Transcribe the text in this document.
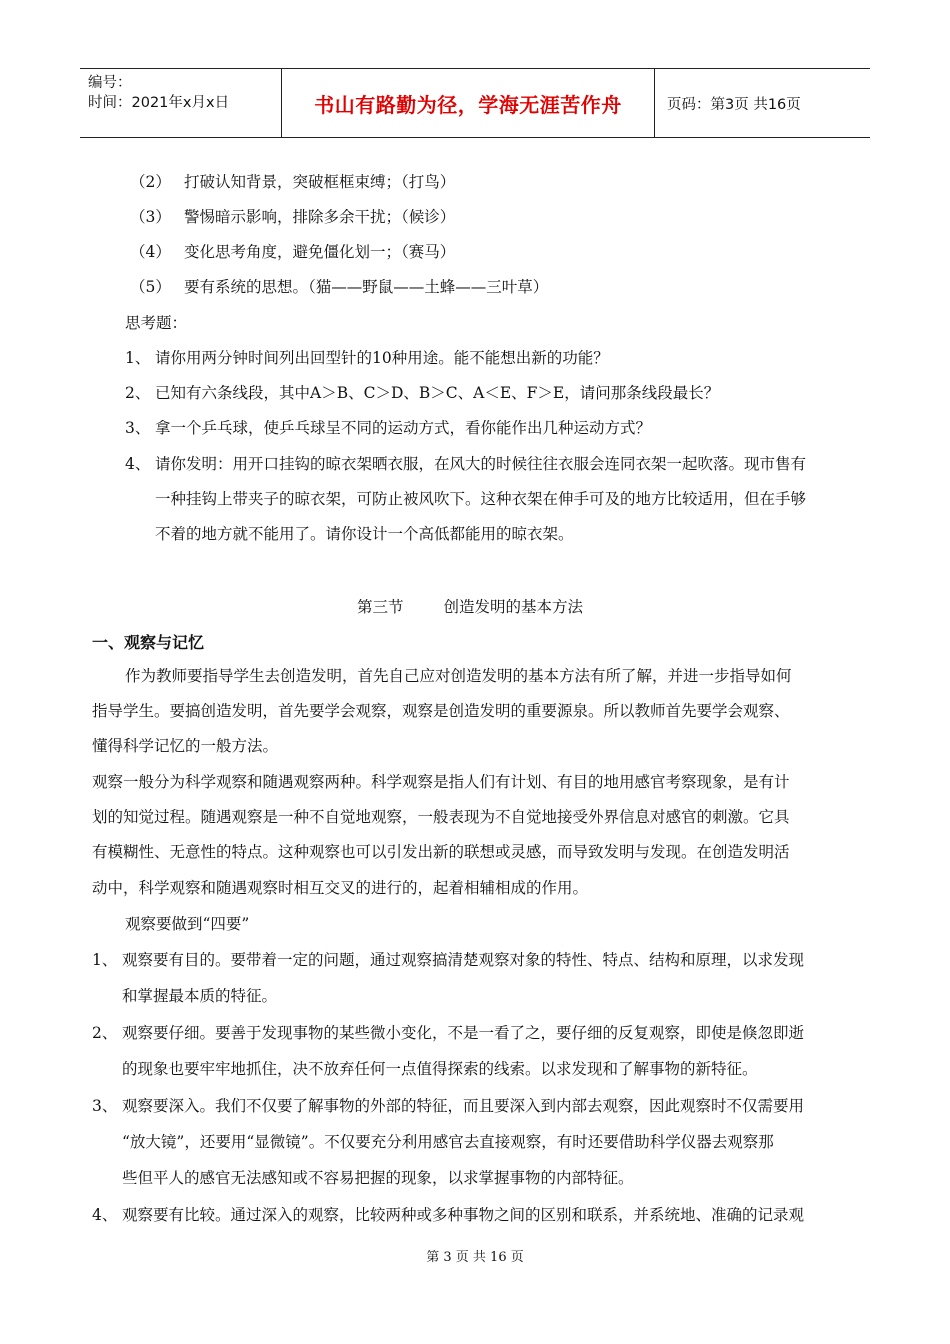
编号：
时间：2021年x月x日	书山有路勤为径，学海无涯苦作舟	页码：第3页 共16页
（2） 打破认知背景，突破框框束缚；（打鸟）
（3） 警惕暗示影响，排除多余干扰；（候诊）
（4） 变化思考角度，避免僵化划一；（赛马）
（5） 要有系统的思想。（猫——野鼠——土蜂——三叶草）
思考题：
1、 请你用两分钟时间列出回型针的10种用途。能不能想出新的功能？
2、 已知有六条线段，其中A＞B、C＞D、B＞C、A＜E、F＞E，请问那条线段最长？
3、 拿一个乒乓球，使乒乓球呈不同的运动方式，看你能作出几种运动方式？
4、 请你发明：用开口挂钩的晾衣架晒衣服，在风大的时候往往衣服会连同衣架一起吹落。现市售有
一种挂钩上带夹子的晾衣架，可防止被风吹下。这种衣架在伸手可及的地方比较适用，但在手够
不着的地方就不能用了。请你设计一个高低都能用的晾衣架。
第三节	创造发明的基本方法
一、观察与记忆
作为教师要指导学生去创造发明，首先自己应对创造发明的基本方法有所了解，并进一步指导如何
指导学生。要搞创造发明，首先要学会观察，观察是创造发明的重要源泉。所以教师首先要学会观察、
懂得科学记忆的一般方法。
观察一般分为科学观察和随遇观察两种。科学观察是指人们有计划、有目的地用感官考察现象，是有计
划的知觉过程。随遇观察是一种不自觉地观察，一般表现为不自觉地接受外界信息对感官的刺激。它具
有模糊性、无意性的特点。这种观察也可以引发出新的联想或灵感，而导致发明与发现。在创造发明活
动中，科学观察和随遇观察时相互交叉的进行的，起着相辅相成的作用。
观察要做到“四要”
1、 观察要有目的。要带着一定的问题，通过观察搞清楚观察对象的特性、特点、结构和原理，以求发现
和掌握最本质的特征。
2、 观察要仔细。要善于发现事物的某些微小变化，不是一看了之，要仔细的反复观察，即使是倏忽即逝
的现象也要牢牢地抓住，决不放弃任何一点值得探索的线索。以求发现和了解事物的新特征。
3、 观察要深入。我们不仅要了解事物的外部的特征，而且要深入到内部去观察，因此观察时不仅需要用
“放大镜”，还要用“显微镜”。不仅要充分利用感官去直接观察，有时还要借助科学仪器去观察那
些但平人的感官无法感知或不容易把握的现象，以求掌握事物的内部特征。
4、 观察要有比较。通过深入的观察，比较两种或多种事物之间的区别和联系，并系统地、准确的记录观
第 3 页 共 16 页
